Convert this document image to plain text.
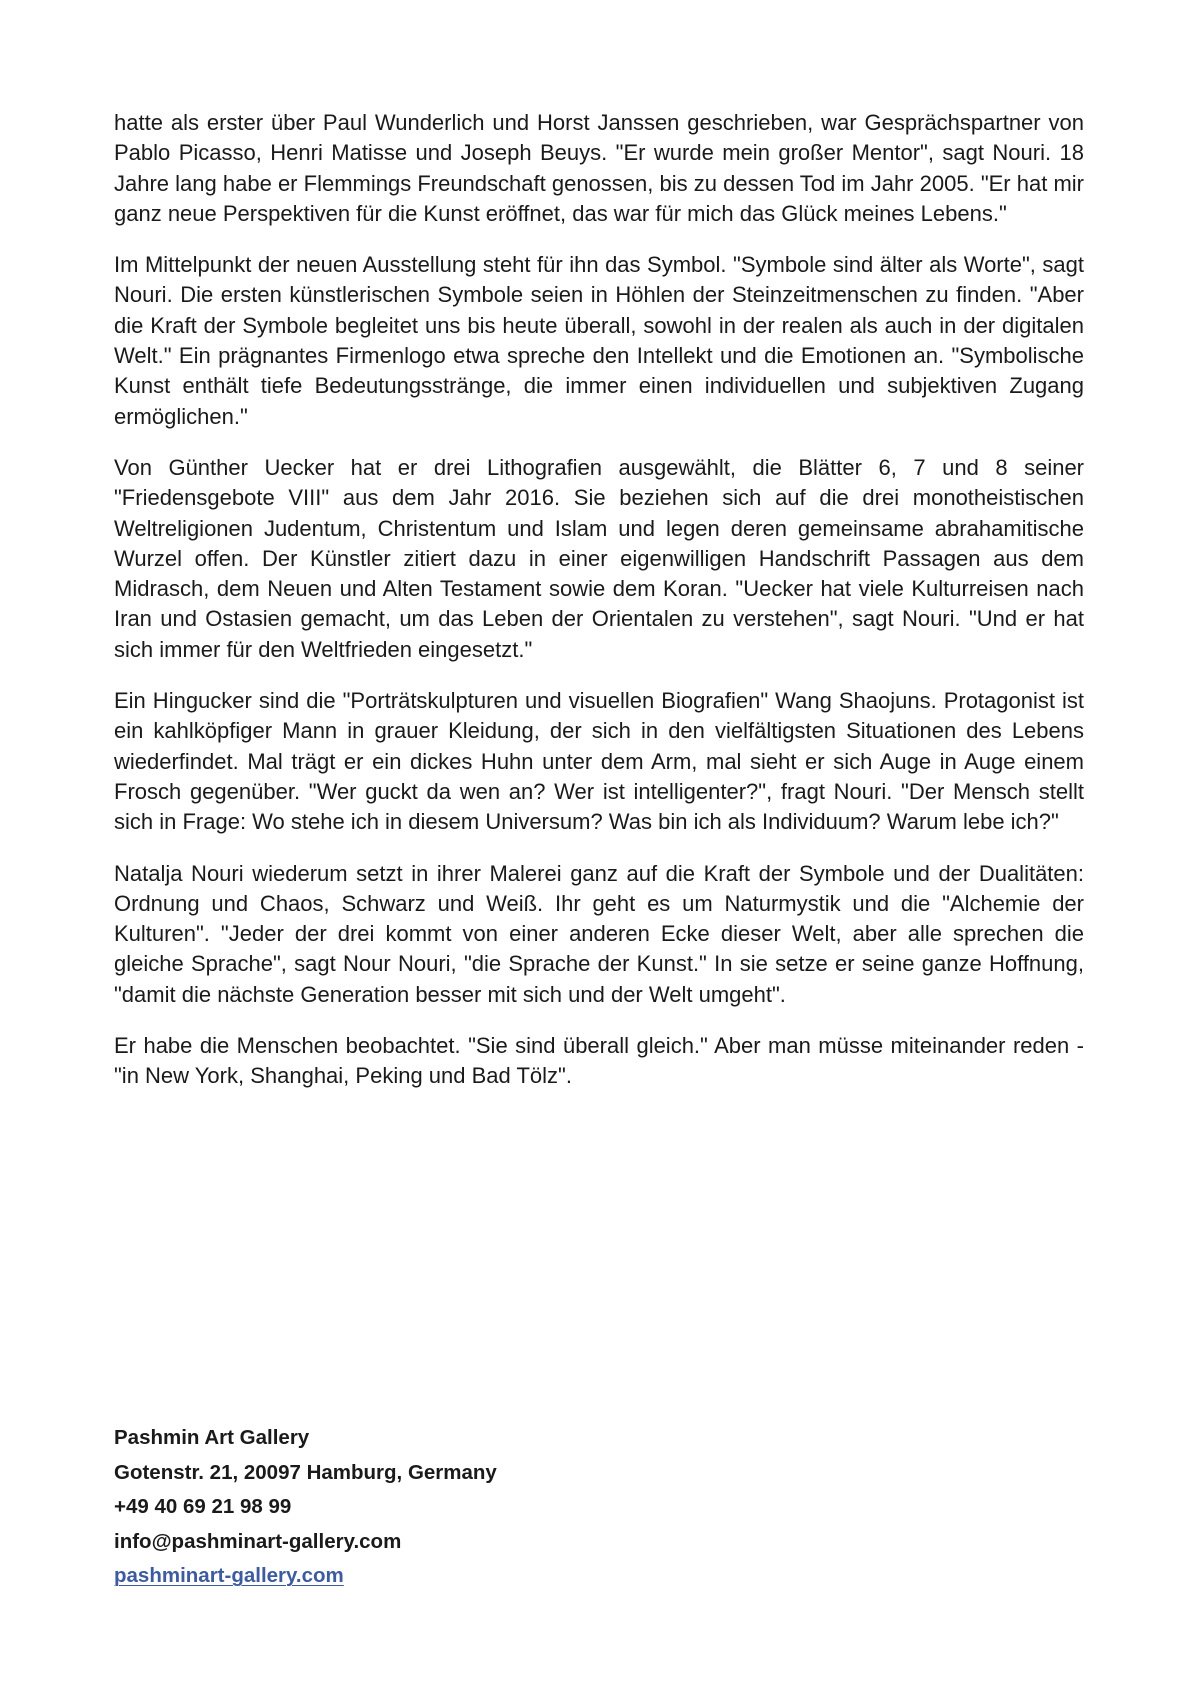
hatte als erster über Paul Wunderlich und Horst Janssen geschrieben, war Gesprächspartner von Pablo Picasso, Henri Matisse und Joseph Beuys. "Er wurde mein großer Mentor", sagt Nouri. 18 Jahre lang habe er Flemmings Freundschaft genossen, bis zu dessen Tod im Jahr 2005. "Er hat mir ganz neue Perspektiven für die Kunst eröffnet, das war für mich das Glück meines Lebens."

Im Mittelpunkt der neuen Ausstellung steht für ihn das Symbol. "Symbole sind älter als Worte", sagt Nouri. Die ersten künstlerischen Symbole seien in Höhlen der Steinzeitmenschen zu finden. "Aber die Kraft der Symbole begleitet uns bis heute überall, sowohl in der realen als auch in der digitalen Welt." Ein prägnantes Firmenlogo etwa spreche den Intellekt und die Emotionen an. "Symbolische Kunst enthält tiefe Bedeutungsstränge, die immer einen individuellen und subjektiven Zugang ermöglichen."

Von Günther Uecker hat er drei Lithografien ausgewählt, die Blätter 6, 7 und 8 seiner "Friedensgebote VIII" aus dem Jahr 2016. Sie beziehen sich auf die drei monotheistischen Weltreligionen Judentum, Christentum und Islam und legen deren gemeinsame abrahamitische Wurzel offen. Der Künstler zitiert dazu in einer eigenwilligen Handschrift Passagen aus dem Midrasch, dem Neuen und Alten Testament sowie dem Koran. "Uecker hat viele Kulturreisen nach Iran und Ostasien gemacht, um das Leben der Orientalen zu verstehen", sagt Nouri. "Und er hat sich immer für den Weltfrieden eingesetzt."

Ein Hingucker sind die "Porträtskulpturen und visuellen Biografien" Wang Shaojuns. Protagonist ist ein kahlköpfiger Mann in grauer Kleidung, der sich in den vielfältigsten Situationen des Lebens wiederfindet. Mal trägt er ein dickes Huhn unter dem Arm, mal sieht er sich Auge in Auge einem Frosch gegenüber. "Wer guckt da wen an? Wer ist intelligenter?", fragt Nouri. "Der Mensch stellt sich in Frage: Wo stehe ich in diesem Universum? Was bin ich als Individuum? Warum lebe ich?"

Natalja Nouri wiederum setzt in ihrer Malerei ganz auf die Kraft der Symbole und der Dualitäten: Ordnung und Chaos, Schwarz und Weiß. Ihr geht es um Naturmystik und die "Alchemie der Kulturen". "Jeder der drei kommt von einer anderen Ecke dieser Welt, aber alle sprechen die gleiche Sprache", sagt Nour Nouri, "die Sprache der Kunst." In sie setze er seine ganze Hoffnung, "damit die nächste Generation besser mit sich und der Welt umgeht".

Er habe die Menschen beobachtet. "Sie sind überall gleich." Aber man müsse miteinander reden - "in New York, Shanghai, Peking und Bad Tölz".

Pashmin Art Gallery
Gotenstr. 21, 20097 Hamburg, Germany
+49 40 69 21 98 99
info@pashminart-gallery.com
pashminart-gallery.com
